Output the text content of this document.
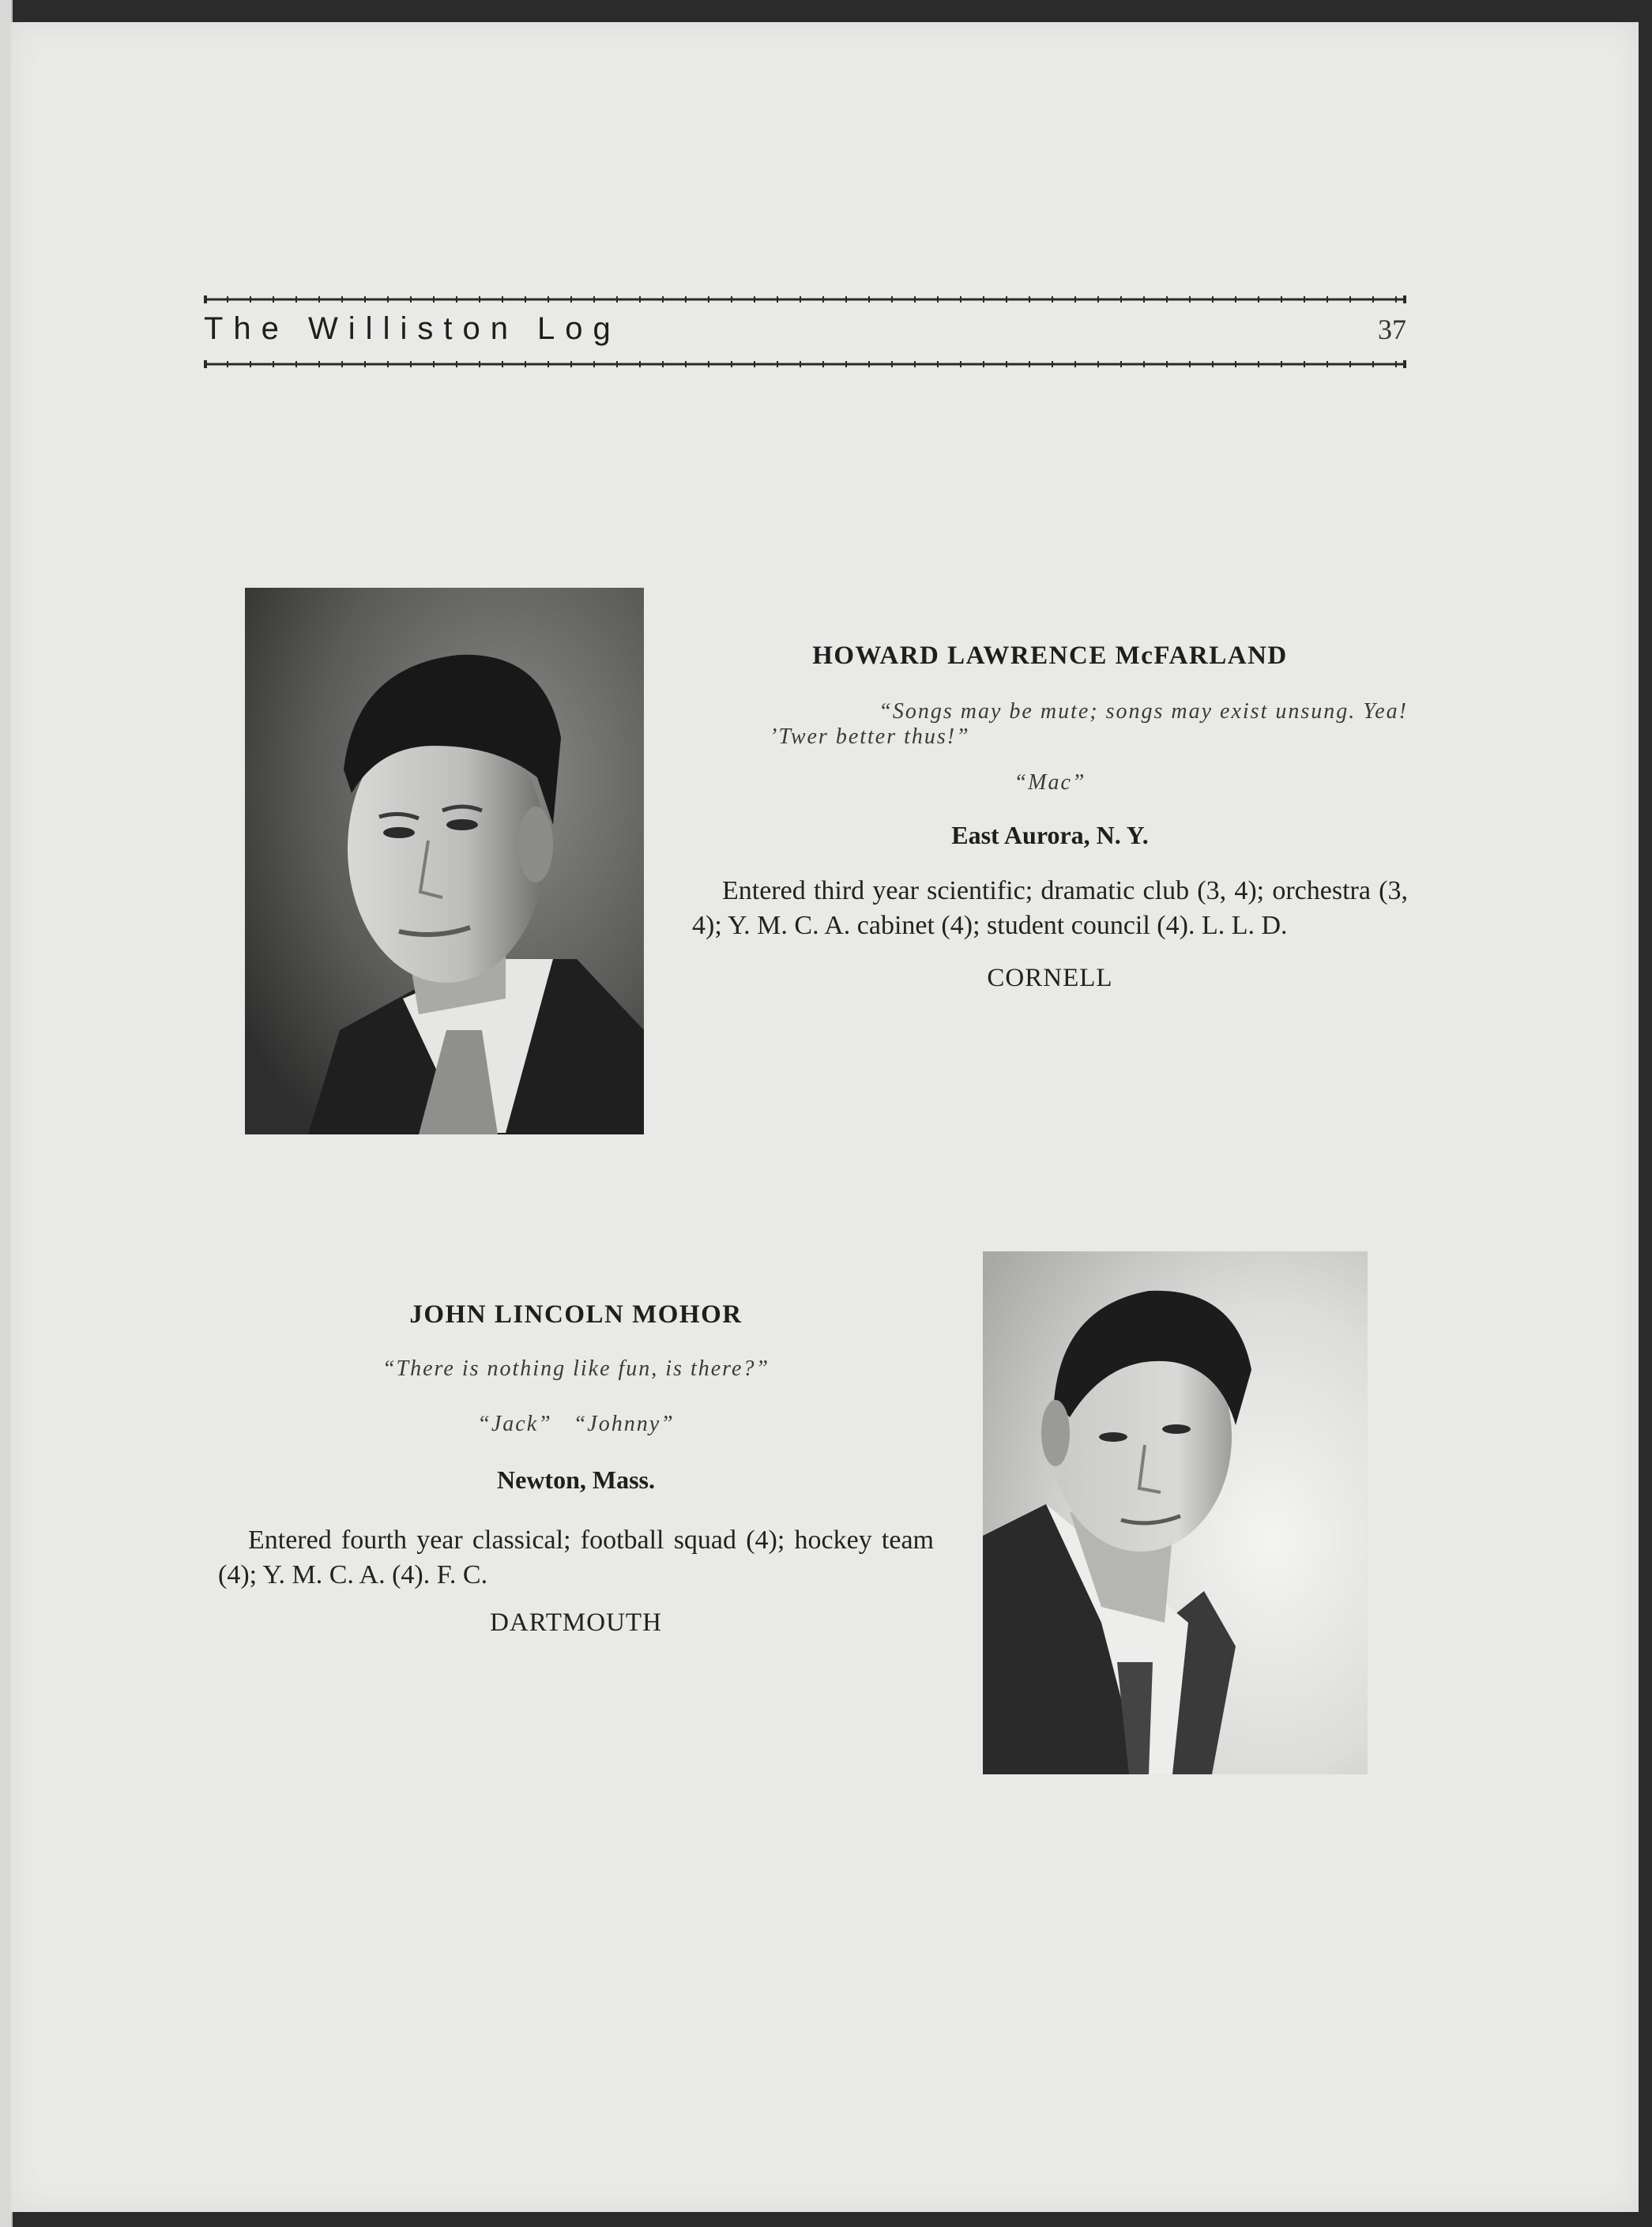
The Williston Log	37

HOWARD LAWRENCE McFARLAND

“Songs may be mute; songs may exist unsung. Yea!

’Twer better thus!”

“Mac”

East Aurora, N. Y.

Entered third year scientific; dramatic club (3, 4); orchestra (3, 4); Y. M. C. A. cabinet (4); student council (4). L. L. D.

CORNELL

JOHN LINCOLN MOHOR

“There is nothing like fun, is there?”

“Jack”   “Johnny”

Newton, Mass.

Entered fourth year classical; football squad (4); hockey team (4); Y. M. C. A. (4). F. C.

DARTMOUTH
